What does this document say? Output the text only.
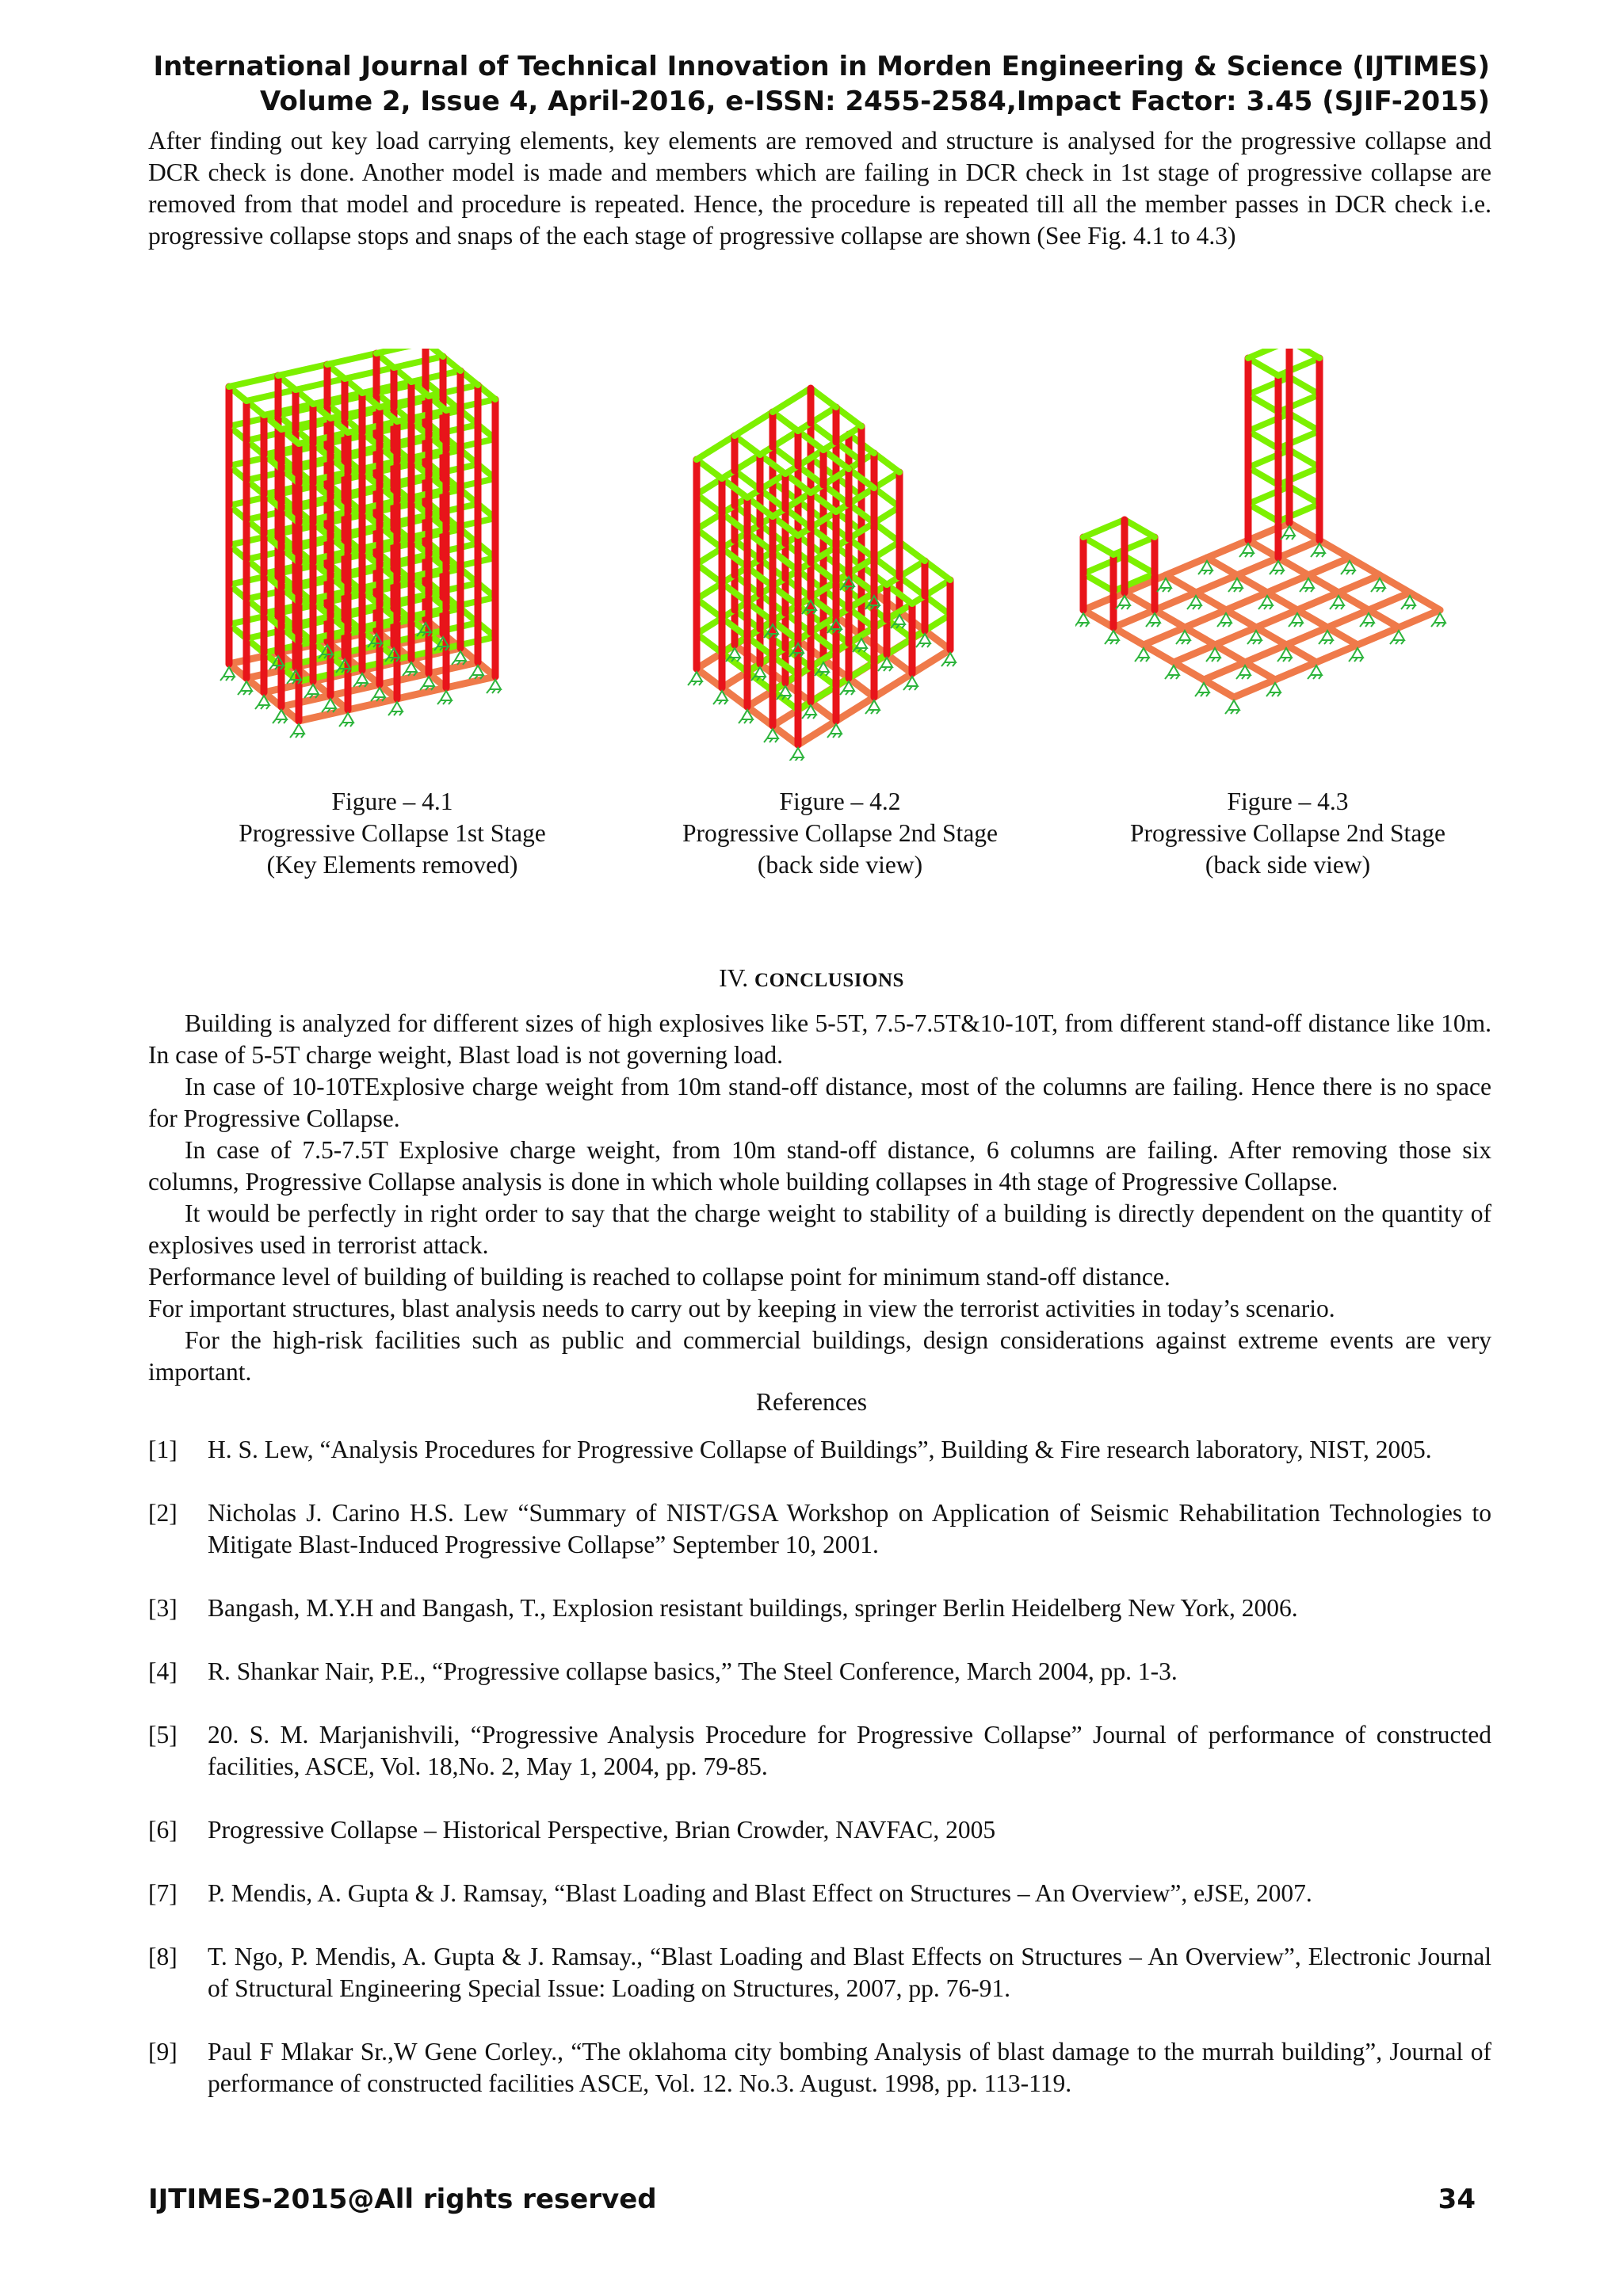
International Journal of Technical Innovation in Morden Engineering & Science (IJTIMES)
Volume 2, Issue 4, April-2016, e-ISSN: 2455-2584,Impact Factor: 3.45 (SJIF-2015)

After finding out key load carrying elements, key elements are removed and structure is analysed for the progressive collapse and DCR check is done. Another model is made and members which are failing in DCR check in 1st stage of progressive collapse are removed from that model and procedure is repeated. Hence, the procedure is repeated till all the member passes in DCR check i.e. progressive collapse stops and snaps of the each stage of progressive collapse are shown (See Fig. 4.1 to 4.3)

Figure – 4.1
Progressive Collapse 1st Stage
(Key Elements removed)
Figure – 4.2
Progressive Collapse 2nd Stage
(back side view)
Figure – 4.3
Progressive Collapse 2nd Stage
(back side view)
IV. CONCLUSIONS

Building is analyzed for different sizes of high explosives like 5-5T, 7.5-7.5T&10-10T, from different stand-off distance like 10m. In case of 5-5T charge weight, Blast load is not governing load.

In case of 10-10TExplosive charge weight from 10m stand-off distance, most of the columns are failing. Hence there is no space for Progressive Collapse.

In case of 7.5-7.5T Explosive charge weight, from 10m stand-off distance, 6 columns are failing. After removing those six columns, Progressive Collapse analysis is done in which whole building collapses in 4th stage of Progressive Collapse.

It would be perfectly in right order to say that the charge weight to stability of a building is directly dependent on the quantity of explosives used in terrorist attack.

Performance level of building of building is reached to collapse point for minimum stand-off distance.

For important structures, blast analysis needs to carry out by keeping in view the terrorist activities in today’s scenario.

For the high-risk facilities such as public and commercial buildings, design considerations against extreme events are very important.

References
[1] H. S. Lew, “Analysis Procedures for Progressive Collapse of Buildings”, Building & Fire research laboratory, NIST, 2005.
[2] Nicholas J. Carino H.S. Lew “Summary of NIST/GSA Workshop on Application of Seismic Rehabilitation Technologies to Mitigate Blast-Induced Progressive Collapse” September 10, 2001.
[3] Bangash, M.Y.H and Bangash, T., Explosion resistant buildings, springer Berlin Heidelberg New York, 2006.
[4] R. Shankar Nair, P.E., “Progressive collapse basics,” The Steel Conference, March 2004, pp. 1-3.
[5] 20. S. M. Marjanishvili, “Progressive Analysis Procedure for Progressive Collapse” Journal of performance of constructed facilities, ASCE, Vol. 18,No. 2, May 1, 2004, pp. 79-85.
[6] Progressive Collapse – Historical Perspective, Brian Crowder, NAVFAC, 2005
[7] P. Mendis, A. Gupta & J. Ramsay, “Blast Loading and Blast Effect on Structures – An Overview”, eJSE, 2007.
[8] T. Ngo, P. Mendis, A. Gupta & J. Ramsay., “Blast Loading and Blast Effects on Structures – An Overview”, Electronic Journal of Structural Engineering Special Issue: Loading on Structures, 2007, pp. 76-91.
[9] Paul F Mlakar Sr.,W Gene Corley., “The oklahoma city bombing Analysis of blast damage to the murrah building”, Journal of performance of constructed facilities ASCE, Vol. 12. No.3. August. 1998, pp. 113-119.
IJTIMES-2015@All rights reserved	34
